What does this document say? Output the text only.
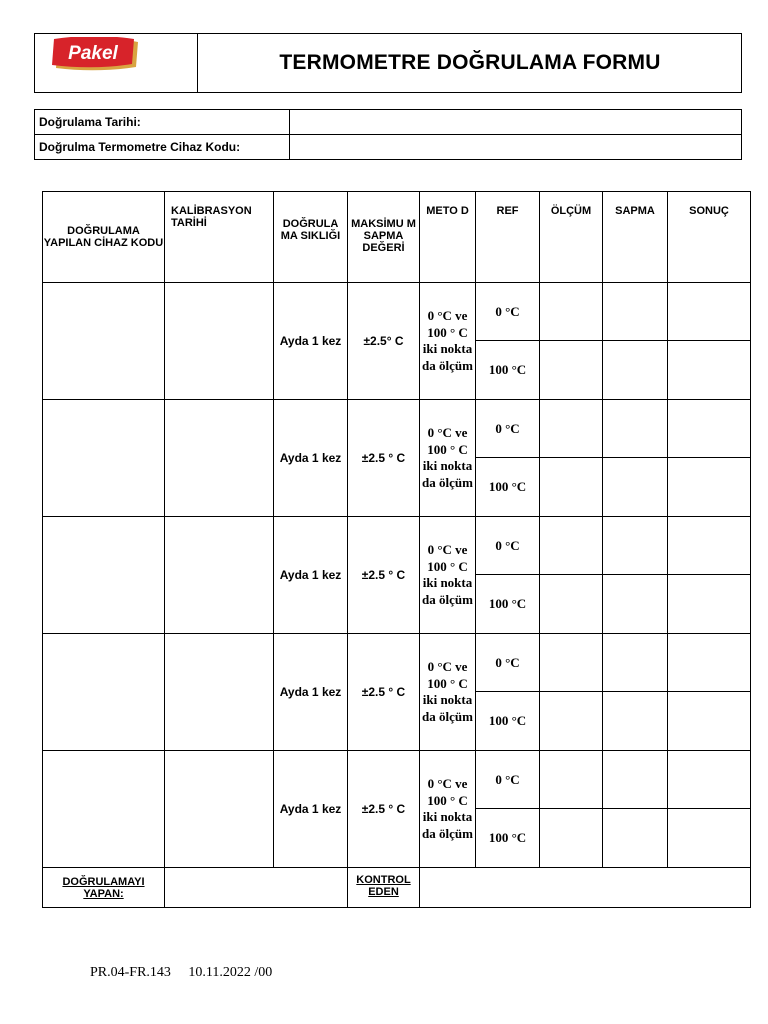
Pakel	TERMOMETRE DOĞRULAMA FORMU
Doğrulama Tarihi:	
Doğrulma Termometre Cihaz Kodu:	
DOĞRULAMA YAPILAN CİHAZ KODU	KALİBRASYON TARİHİ	DOĞRULA MA SIKLIĞI	MAKSİMU M SAPMA DEĞERİ	METO D	REF	ÖLÇÜM	SAPMA	SONUÇ
		Ayda 1 kez	±2.5° C	0 °C ve 100 ° C iki nokta da ölçüm	0 °C			
					100 °C			
		Ayda 1 kez	±2.5 ° C	0 °C ve 100 ° C iki nokta da ölçüm	0 °C			
					100 °C			
		Ayda 1 kez	±2.5 ° C	0 °C ve 100 ° C iki nokta da ölçüm	0 °C			
					100 °C			
		Ayda 1 kez	±2.5 ° C	0 °C ve 100 ° C iki nokta da ölçüm	0 °C			
					100 °C			
		Ayda 1 kez	±2.5 ° C	0 °C ve 100 ° C iki nokta da ölçüm	0 °C			
					100 °C			
DOĞRULAMAYI YAPAN:			KONTROL EDEN					
PR.04-FR.143 10.11.2022 /00
